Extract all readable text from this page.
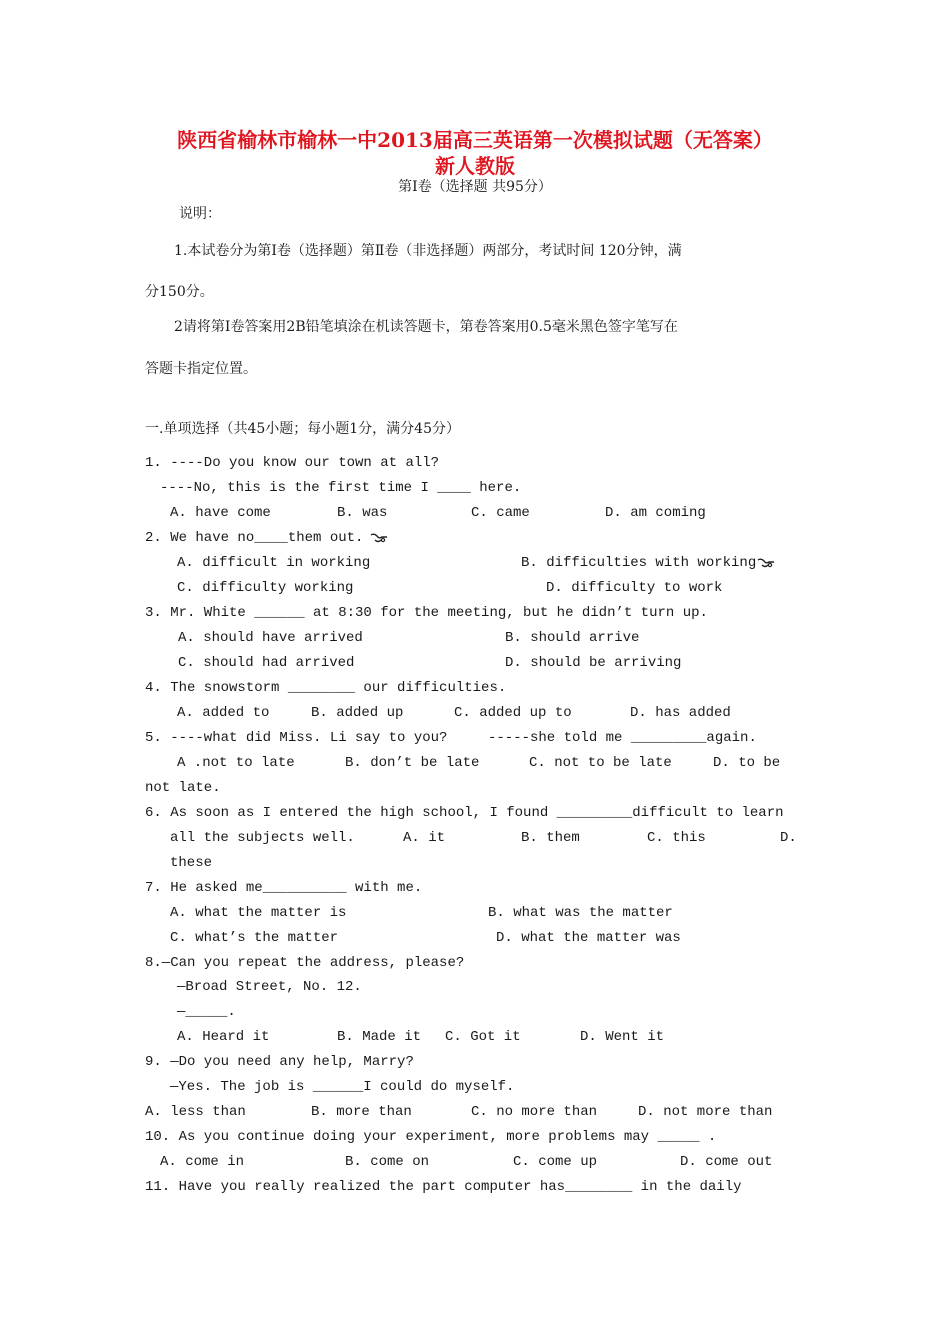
陕西省榆林市榆林一中2013届高三英语第一次模拟试题（无答案）
新人教版
第Ⅰ卷（选择题 共95分）
说明：
1.本试卷分为第Ⅰ卷（选择题）第Ⅱ卷（非选择题）两部分，考试时间 120分钟，满
分150分。
2请将第Ⅰ卷答案用2B铅笔填涂在机读答题卡，第卷答案用0.5毫米黑色签字笔写在
答题卡指定位置。
一.单项选择（共45小题；每小题1分，满分45分）
1. ----Do you know our town at all?
----No, this is the first time I ____ here.
A. have come	B. was	C. came	D. am coming
2. We have no____them out.
A. difficult in working	B. difficulties with working
C. difficulty working	D. difficulty to work
3. Mr. White ______ at 8:30 for the meeting, but he didn’t turn up.
A. should have arrived	B. should arrive
C. should had arrived	D. should be arriving
4. The snowstorm ________ our difficulties.
A. added to	B. added up	C. added up to	D. has added
5. ----what did Miss. Li say to you?	-----she told me _________again.
A .not to late	B. don’t be late	C. not to be late	D. to be
not late.
6. As soon as I entered the high school, I found _________difficult to learn
all the subjects well.	A. it	B. them	C. this	D.
these
7. He asked me__________ with me.
A. what the matter is	B. what was the matter
C. what’s the matter	D. what the matter was
8.—Can you repeat the address, please?
—Broad Street, No. 12.
—_____.
A. Heard it	B. Made it C. Got it	D. Went it
9. —Do you need any help, Marry?
—Yes. The job is ______I could do myself.
A. less than	B. more than	C. no more than	D. not more than
10. As you continue doing your experiment, more problems may _____ .
A. come in	B. come on	C. come up	D. come out
11. Have you really realized the part computer has________ in the daily
